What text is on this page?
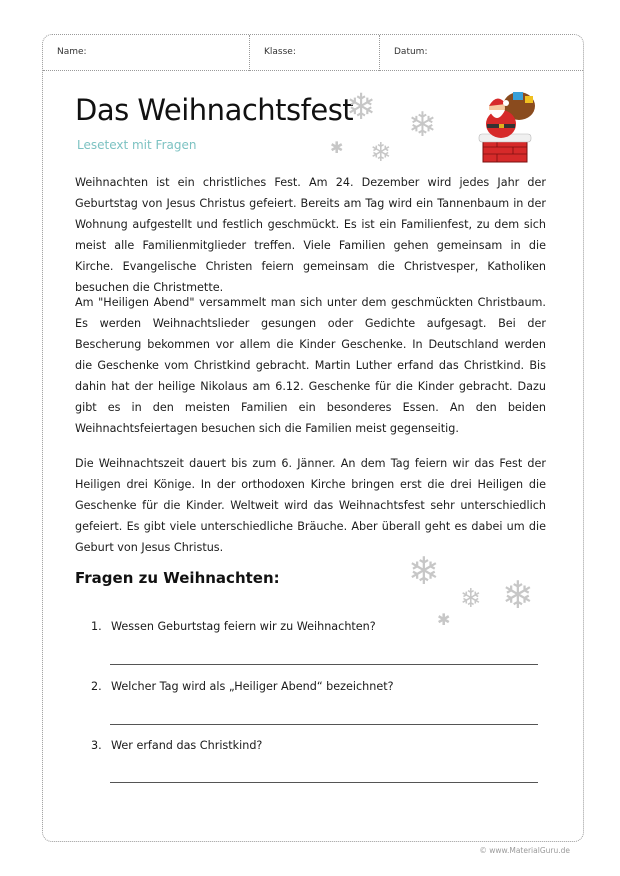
Name:	Klasse:	Datum:
Das Weihnachtsfest
Lesetext mit Fragen
❄ ❄
✱ ❄

Weihnachten ist ein christliches Fest. Am 24. Dezember wird jedes Jahr der Geburtstag von Jesus Christus gefeiert. Bereits am Tag wird ein Tannenbaum in der Wohnung aufgestellt und festlich geschmückt. Es ist ein Familienfest, zu dem sich meist alle Familienmitglieder treffen. Viele Familien gehen gemeinsam in die Kirche. Evangelische Christen feiern gemeinsam die Christvesper, Katholiken besuchen die Christmette.

Am "Heiligen Abend" versammelt man sich unter dem geschmückten Christbaum. Es werden Weihnachtslieder gesungen oder Gedichte aufgesagt. Bei der Bescherung bekommen vor allem die Kinder Geschenke. In Deutschland werden die Geschenke vom Christkind gebracht. Martin Luther erfand das Christkind. Bis dahin hat der heilige Nikolaus am 6.12. Geschenke für die Kinder gebracht. Dazu gibt es in den meisten Familien ein besonderes Essen. An den beiden Weihnachtsfeiertagen besuchen sich die Familien meist gegenseitig.

Die Weihnachtszeit dauert bis zum 6. Jänner. An dem Tag feiern wir das Fest der Heiligen drei Könige. In der orthodoxen Kirche bringen erst die drei Heiligen die Geschenke für die Kinder. Weltweit wird das Weihnachtsfest sehr unterschiedlich gefeiert. Es gibt viele unterschiedliche Bräuche. Aber überall geht es dabei um die Geburt von Jesus Christus.

Fragen zu Weihnachten:	❄
❄ ❄
✱
1. Wessen Geburtstag feiern wir zu Weihnachten?
2. Welcher Tag wird als „Heiliger Abend“ bezeichnet?
3. Wer erfand das Christkind?
© www.MaterialGuru.de
